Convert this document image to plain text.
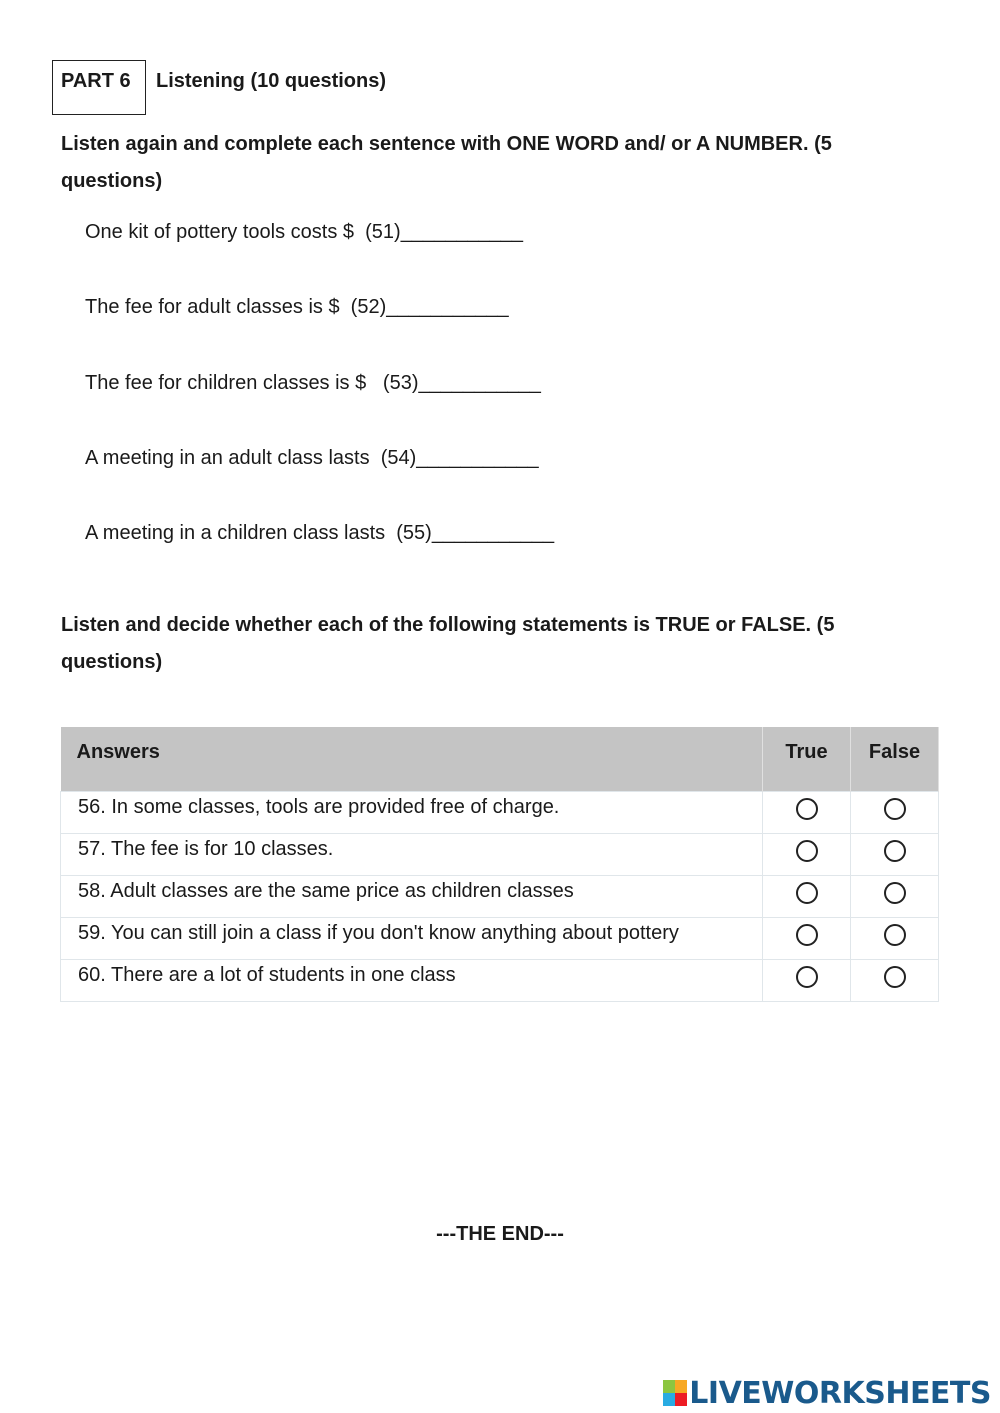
PART 6 Listening (10 questions)
Listen again and complete each sentence with ONE WORD and/ or A NUMBER. (5 questions)
One kit of pottery tools costs $  (51)___________
The fee for adult classes is $  (52)___________
The fee for children classes is $   (53)___________
A meeting in an adult class lasts  (54)___________
A meeting in a children class lasts  (55)___________
Listen and decide whether each of the following statements is TRUE or FALSE. (5 questions)
Answers	True	False
56. In some classes, tools are provided free of charge.		
57. The fee is for 10 classes.		
58. Adult classes are the same price as children classes		
59. You can still join a class if you don't know anything about pottery		
60. There are a lot of students in one class		
---THE END---
LIVEWORKSHEETS
